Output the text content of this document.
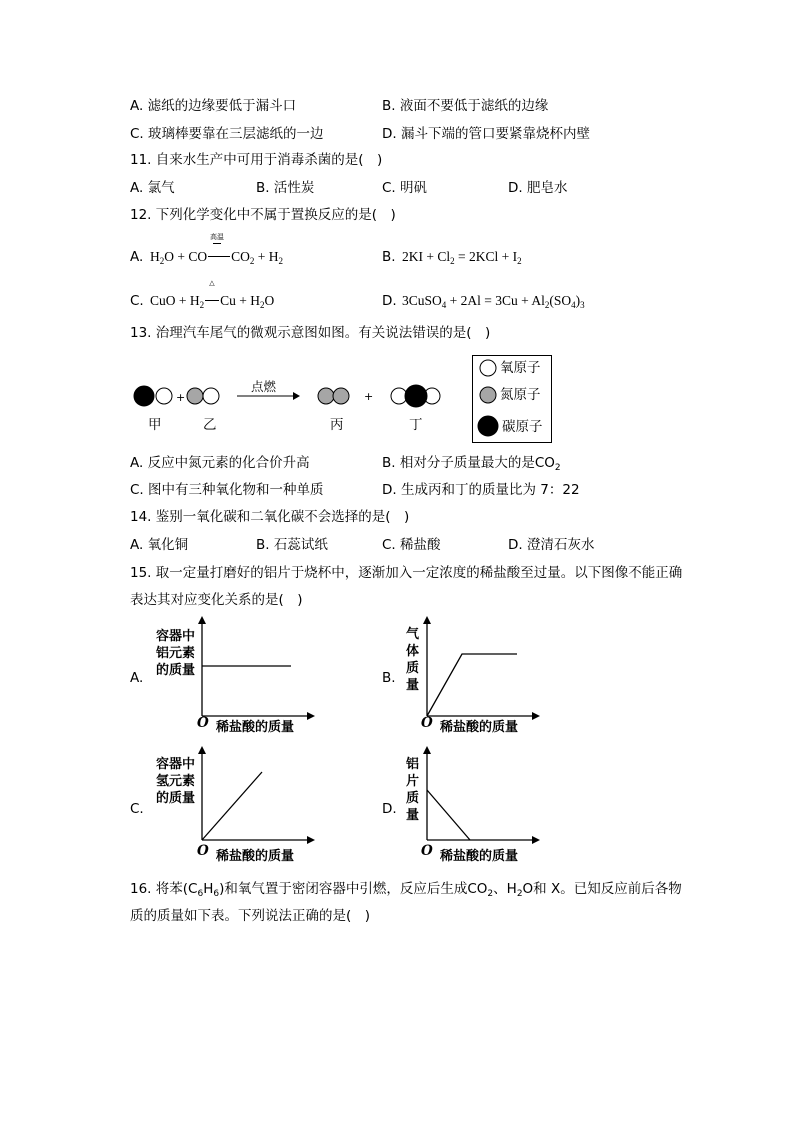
A. 滤纸的边缘要低于漏斗口	B. 液面不要低于滤纸的边缘
C. 玻璃棒要靠在三层滤纸的一边	D. 漏斗下端的管口要紧靠烧杯内壁
11. 自来水生产中可用于消毒杀菌的是(　)
A. 氯气	B. 活性炭	C. 明矾	D. 肥皂水
12. 下列化学变化中不属于置换反应的是(　)
A. $H_2O$ + CO $CO_2 + H_2$
高温
B. $2KI + Cl_2 = 2KCl + I_2$
C. CuO + $H_2$ $Cu + H_2O$
△
D. 3CuSO$_4$ + $2Al = 3Cu + Al_2(SO_4)_3$
13. 治理汽车尾气的微观示意图如图。有关说法错误的是(　)
+
点燃
+
甲	乙	丙	丁
氧原子
氮原子
碳原子
A. 反应中氮元素的化合价升高	B. 相对分子质量最大的是$CO_2$
C. 图中有三种氧化物和一种单质	D. 生成丙和丁的质量比为 7：22
14. 鉴别一氧化碳和二氧化碳不会选择的是(　)
A. 氧化铜	B. 石蕊试纸	C. 稀盐酸	D. 澄清石灰水
15. 取一定量打磨好的铝片于烧杯中，逐渐加入一定浓度的稀盐酸至过量。以下图像不能正确
表达其对应变化关系的是(　)
A.
容器中
铝元素
的质量
O 稀盐酸的质量
B.
气
体
质
量
O 稀盐酸的质量
C.
容器中
氢元素
的质量
O 稀盐酸的质量
D.
铝
片
质
量
O 稀盐酸的质量
16. 将苯$(C_6H_6)$和氧气置于密闭容器中引燃，反应后生成$CO_2$、$H_2O$和 X。已知反应前后各物
质的质量如下表。下列说法正确的是(　)
